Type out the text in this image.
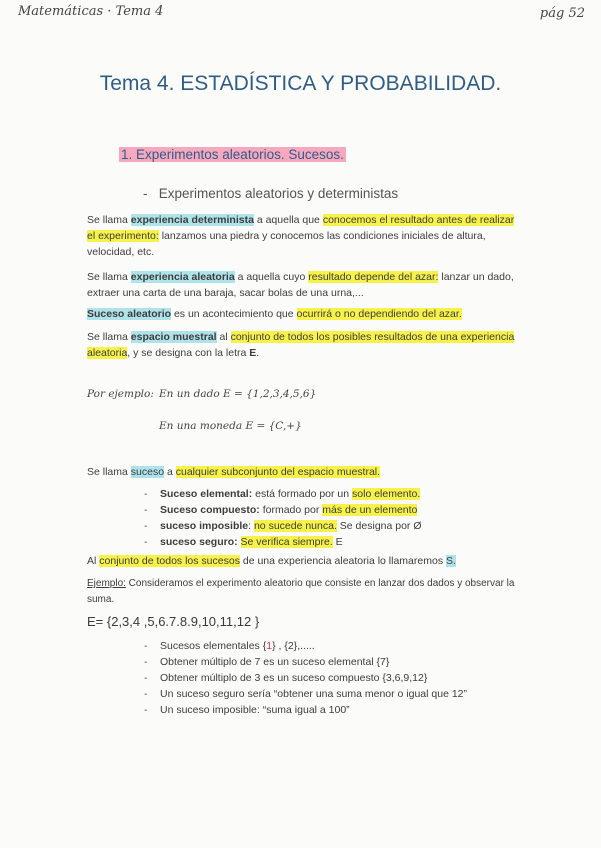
Matemáticas · Tema 4	pág 52
Tema 4. ESTADÍSTICA Y PROBABILIDAD.
1. Experimentos aleatorios. Sucesos.
- Experimentos aleatorios y deterministas

Se llama experiencia determinista a aquella que conocemos el resultado antes de realizar el experimento: lanzamos una piedra y conocemos las condiciones iniciales de altura, velocidad, etc.

Se llama experiencia aleatoria a aquella cuyo resultado depende del azar: lanzar un dado, extraer una carta de una baraja, sacar bolas de una urna,...

Suceso aleatorio es un acontecimiento que ocurrirá o no dependiendo del azar.

Se llama espacio muestral al conjunto de todos los posibles resultados de una experiencia aleatoria, y se designa con la letra E.

Por ejemplo: En un dado E = {1,2,3,4,5,6}
En una moneda E = {C,+}

Se llama suceso a cualquier subconjunto del espacio muestral.

- Suceso elemental: está formado por un solo elemento.
- Suceso compuesto: formado por más de un elemento
- suceso imposible: no sucede nunca. Se designa por Ø
- suceso seguro: Se verifica siempre. E

Al conjunto de todos los sucesos de una experiencia aleatoria lo llamaremos S.

Ejemplo: Consideramos el experimento aleatorio que consiste en lanzar dos dados y observar la suma.

E= {2,3,4 ,5,6.7.8.9,10,11,12 }
- Sucesos elementales {1} , {2},.....
- Obtener múltiplo de 7 es un suceso elemental {7}
- Obtener múltiplo de 3 es un suceso compuesto {3,6,9,12}
- Un suceso seguro sería “obtener una suma menor o igual que 12”
- Un suceso imposible: “suma igual a 100”
